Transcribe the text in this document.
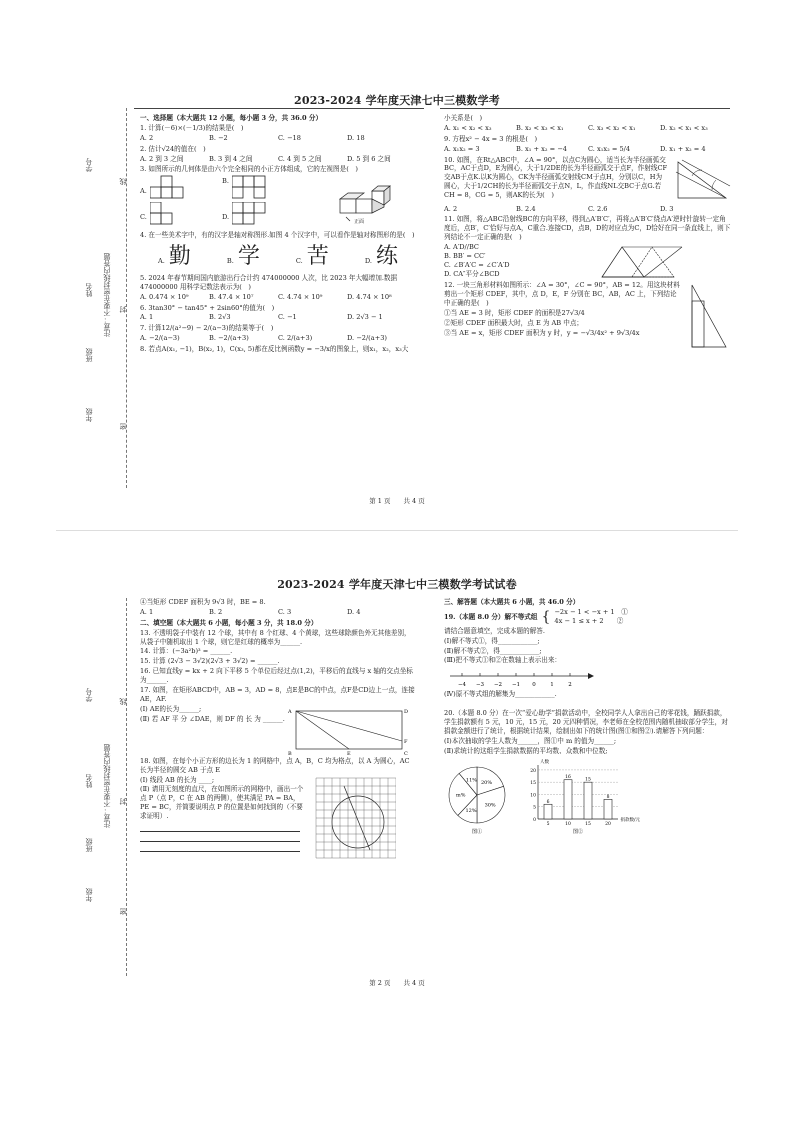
2023-2024 学年度天津七中三模数学考
学号
姓名
班级
年级
注意：不要在密封线内答题
线
封
密
一、选择题（本大题共 12 小题，每小题 3 分，共 36.0 分）
1. 计算(－6)×(－1/3)的结果是(　)
A. 2	B. −2	C. −18	D. 18
2. 估计√24的值在(　)
A. 2 到 3 之间	B. 3 到 4 之间	C. 4 到 5 之间	D. 5 到 6 之间
3. 如图所示的几何体是由六个完全相同的小正方体组成，它的左视图是(　)
A.
B.
C.	D.
正面
4. 在一些美术字中，有的汉字是轴对称图形.如图 4 个汉字中，可以看作是轴对称图形的是(　)
A. 勤	B. 学	C. 苦	D. 练
5. 2024 年春节期间国内旅游出行合计约 474000000 人次，比 2023 年大幅增加.数据 474000000 用科学记数法表示为(　)
A. 0.474 × 10⁹	B. 47.4 × 10⁷	C. 4.74 × 10⁹	D. 4.74 × 10⁸
6. 3tan30° − tan45° + 2sin60°的值为(　)
A. 1	B. 2√3	C. −1	D. 2√3 − 1
7. 计算12/(a²−9) − 2/(a−3)的结果等于(　)
A. −2/(a−3)	B. −2/(a+3)	C. 2/(a+3)	D. −2/(a+3)
8. 若点A(x₁, −1)，B(x₂, 1)，C(x₃, 5)都在反比例函数y = −3/x的图象上，则x₁，x₂，x₃大
小关系是(　)
A. x₁ < x₂ < x₃	B. x₂ < x₃ < x₁	C. x₃ < x₂ < x₁	D. x₂ < x₁ < x₃
9. 方程x² − 4x = 3 的根是(　)
A. x₁x₂ = 3	B. x₁ + x₂ = −4	C. x₁x₂ = 5/4	D. x₁ + x₂ = 4
10. 如图，在Rt△ABC中，∠A = 90°，以点C为圆心，适当长为半径画弧交BC，AC于点D，E为圆心，大于1/2DE的长为半径画弧交于点F，作射线CF交AB于点K.以K为圆心，CK为半径画弧交射线CM于点H，分别以C，H为圆心，大于1/2CH的长为半径画弧交于点N，L，作直线NL交BC于点G.若CH = 8，CG = 5，则AK的长为(　)
A. 2	B. 2.4	C. 2.6	D. 3
11. 如图，将△ABC沿射线BC的方向平移，得到△A′B′C′，再将△A′B′C′绕点A′逆时针旋转一定角度后，点B′，C′恰好与点A，C重合.连接CD，点B，D的对应点为C，D恰好在同一条直线上，则下列结论不一定正确的是(　)
A. A′D//BC
B. BB′ = CC′
C. ∠B′A′C = ∠C′A′D
D. CA″平分∠BCD
12. 一块三角形材料如图所示：∠A = 30°，∠C = 90°，AB = 12。用这块材料剪出一个矩形 CDEF，其中，点 D，E，F 分别在 BC，AB，AC 上，下列结论中正确的是(　)
①当 AE = 3 时，矩形 CDEF 的面积是27√3/4
②矩形 CDEF 面积最大时，点 E 为 AB 中点；
③当 AE = x，矩形 CDEF 面积为 y 时，y = −√3/4x² + 9√3/4x
第 1 页　　共 4 页
2023-2024 学年度天津七中三模数学考试试卷
学号
姓名
班级
年级
注意：不要在密封线内答题
线
封
密
④当矩形 CDEF 面积为 9√3 时，BE = 8.
A. 1	B. 2	C. 3	D. 4
二、填空题（本大题共 6 小题，每小题 3 分，共 18.0 分）
13. 不透明袋子中装有 12 个球，其中有 8 个红球、4 个黄球，这些球除颜色外无其他差别，从袋子中随机取出 1 个球，则它是红球的概率为______.
14. 计算：(−3a²b)³ = ______.
15. 计算 (2√3 − 3√2)(2√3 + 3√2) = ______.
16. 已知直线y = kx + 2 向下平移 5 个单位后经过点(1,2)，平移后的直线与 x 轴的交点坐标为______.
17. 如图，在矩形ABCD中，AB = 3，AD = 8，点E是BC的中点，点F是CD边上一点，连接AE，AF.
(Ⅰ) AE的长为______;
(Ⅱ) 若 AF 平 分 ∠DAE，则 DF 的 长 为 ______.
A	D
B	E	C
F
18. 如图，在每个小正方形的边长为 1 的网格中，点 A，B，C 均为格点，以 A 为圆心，AC 长为半径的圆交 AB 于点 E
(Ⅰ) 线段 AB 的长为 ____;
(Ⅱ) 请用无刻度的直尺，在如图所示的网格中，画出一个点 P（点 P，C 在 AB 的两侧），使其满足 PA = BA，PE = BC，并简要说明点 P 的位置是如何找到的（不要求证明）.
三、解答题（本大题共 6 小题，共 46.0 分）
19.（本题 8.0 分）解不等式组 { −2x − 1 < −x + 1　①
4x − 1 ≤ x + 2　　②
请结合题意填空，完成本题的解答.
(Ⅰ)解不等式①，得____________;
(Ⅱ)解不等式②，得____________;
(Ⅲ)把不等式①和②在数轴上表示出来：
−4 −3 −2 −1 0	1	2
(Ⅳ)原不等式组的解集为____________.
20.（本题 8.0 分）在一次“爱心助学”捐款活动中，全校同学人人拿出自己的零花钱，踊跃捐款，学生捐款额有 5 元，10 元，15 元，20 元四种情况，李老师在全校范围内随机抽取部分学生，对捐款金额进行了统计，根据统计结果，绘制出如下的统计图(图①和图②).请解答下列问题：
(Ⅰ)本次抽取的学生人数为______，图①中 m 的值为______;
(Ⅱ)求统计的这组学生捐款数据的平均数、众数和中位数;
20%
30%
12%
m%
11%
图①
0
5
10
15
20
人数
捐款数/元
6
5
16
10
15
15
8
20
图②
第 2 页　　共 4 页
